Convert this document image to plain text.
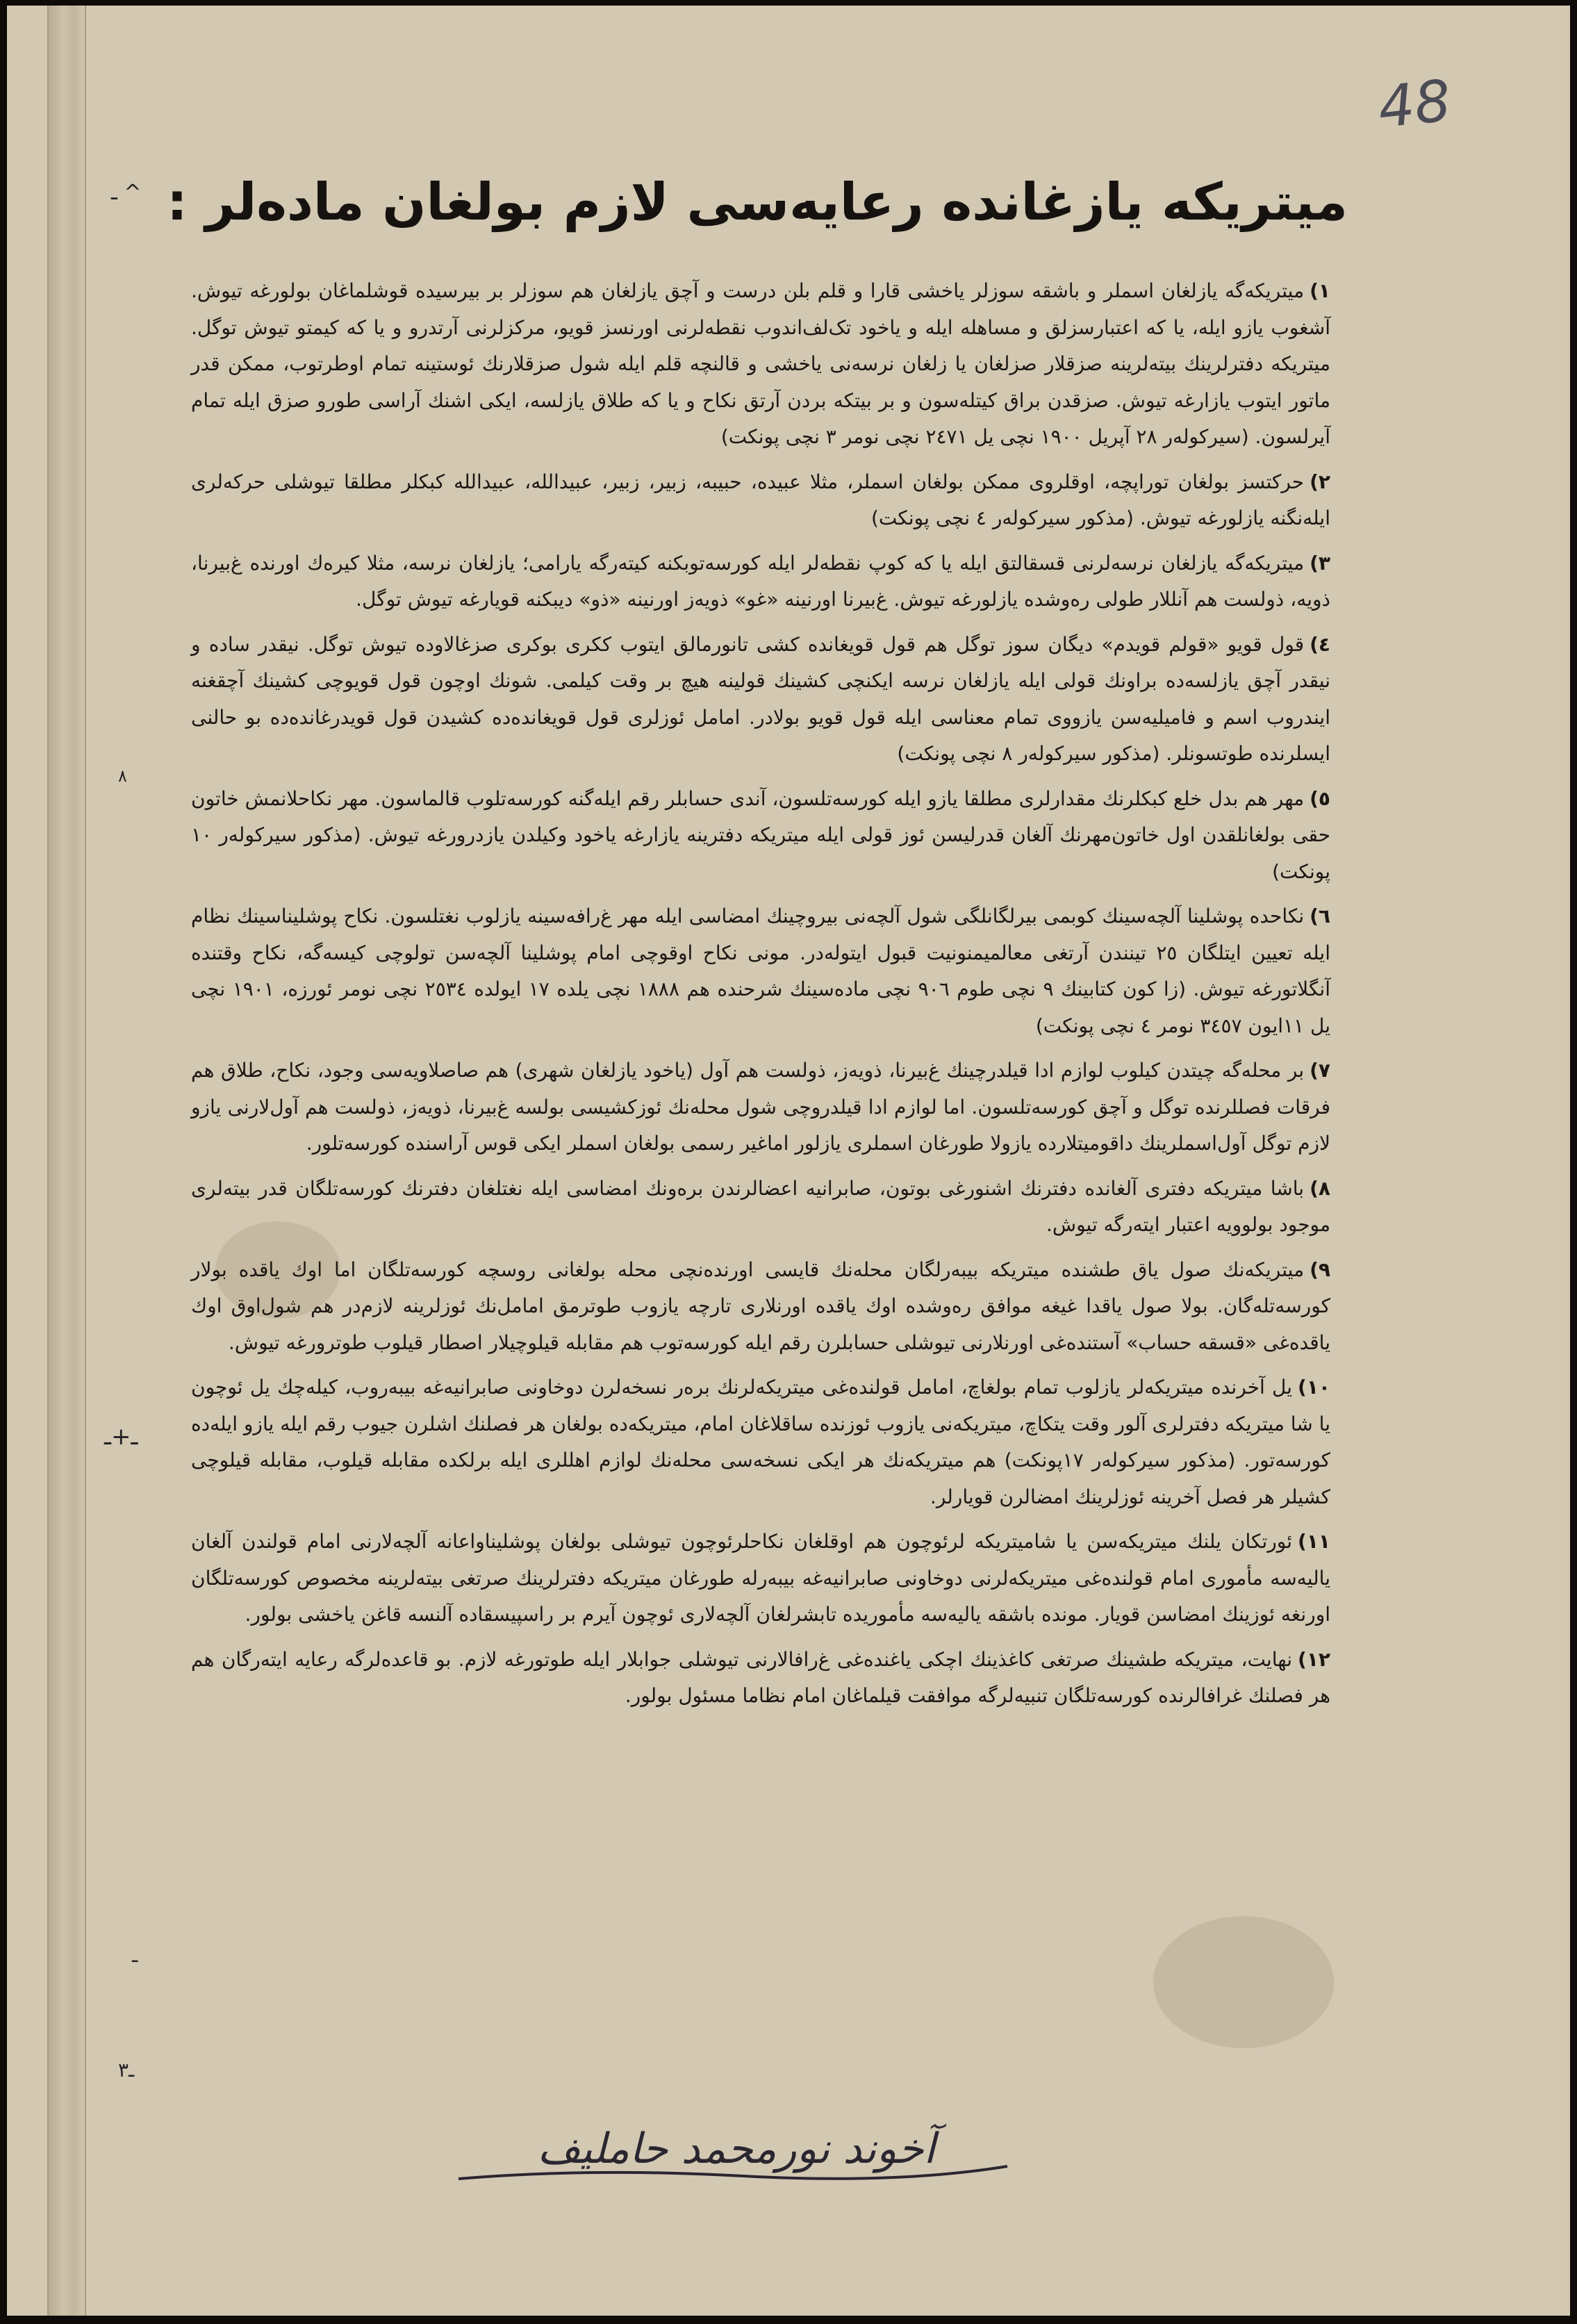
48
ـ ^
٨
ـ+ـ
ـ
ـ٣
میتریکه یازغانده رعایه‌سی لازم بولغان ماده‌لر :

١)میتریکه‌گه یازلغان اسملر و باشقه سوزلر یاخشی قارا و قلم بلن درست و آچق یازلغان هم سوزلر بر بیرسیده قوشلماغان بولورغه تیوش. آشغوب یازو ایله، یا که اعتبارسزلق و مساهله ایله و یاخود تک‌لف‌اندوب نقطه‌لرنی اورنسز قویو، مرکزلرنی آرتدرو و یا که کیمتو تیوش توگل. میتریکه دفترلرینك بیته‌لرینه صزقلار صزلغان یا زلغان نرسه‌نی یاخشی و قالنچه قلم ایله شول صزقلارنك ئوستینه تمام اوطرتوب، ممکن قدر ماتور ایتوب یازارغه تیوش. صزقدن براق کیتله‌سون و بر بیتکه بردن آرتق نکاح و یا که طلاق یازلسه، ایکی اشنك آراسی طورو صزق ایله تمام آیرلسون. (سیرکوله‌ر ٢٨ آپریل ١٩٠٠ نچی یل ٢٤٧١ نچی نومر ٣ نچی پونکت)

٢)حرکتسز بولغان توراپچه، اوقلروی ممکن بولغان اسملر، مثلا عبیده، حبیبه، زبیر، زبیر، عبیدالله، عبیدالله کبکلر مطلقا تیوشلی حرکه‌لری ایله‌نگنه یازلورغه تیوش. (مذکور سیرکوله‌ر ٤ نچی پونکت)

٣)میتریکه‌گه یازلغان نرسه‌لرنی قسقالتق ایله یا که کوپ نقطه‌لر ایله کورسه‌توبکنه کیته‌رگه یارامی؛ یازلغان نرسه، مثلا کیره‌ك اورنده غ‌بیرنا، ذویه‌، ذولست هم آنللار طولی ره‌وشده یازلورغه تیوش. غ‌بیرنا اورنینه «غو» ذویه‌ز اورنینه «ذو» دیبکنه قویارغه تیوش توگل.

٤)قول قویو «قولم قویدم» دیگان سوز توگل هم قول قویغانده کشی تانورمالق ایتوب ککری بوکری صزغالاوده تیوش توگل. نیقدر ساده و نیقدر آچق یازلسه‌ده براونك قولی ایله یازلغان نرسه ایکنچی کشینك قولینه هیچ بر وقت کیلمی. شونك اوچون قول قویوچی کشینك آچقغنه ایندروب اسم و فامیلیه‌سن یازووی تمام معناسی ایله قول قویو بولادر. امامل ئوزلری قول قویغانده‌ده کشیدن قول قویدرغانده‌ده بو حالنی ایسلرنده طوتسونلر. (مذکور سیرکوله‌ر ٨ نچی پونکت)

٥)مهر هم بدل خلع کبکلرنك مقدارلری مطلقا یازو ایله کورسه‌تلسون، آندی حسابلر رقم ایله‌گنه کورسه‌تلوب قالماسون. مهر نکاحلانمش خاتون حقی بولغانلقدن اول خاتون‌مهرنك آلغان قدرلیسن ئوز قولی ایله میتریکه دفترینه یازارغه یاخود وکیلدن یازدرورغه تیوش. (مذکور سیرکوله‌ر ١٠ پونکت)

٦)نکاحده پوشلینا آلچه‌سینك کوبمی بیرلگانلگی شول آلچه‌نی بیروچینك امضاسی ایله مهر غ‌رافه‌سینه یازلوب نغتلسون. نکاح پوشلیناسینك نظام ایله تعیین ایتلگان ٢٥ تینندن آرتغی معالمیمنونیت قبول ایتوله‌در. مونی نکاح اوقوچی امام پوشلینا آلچه‌سن تولوچی کیسه‌گه، نکاح وقتنده آنگلاتورغه تیوش. (زا کون کتابینك ٩ نچی طوم ٩٠٦ نچی ماده‌سینك شرحنده هم ١٨٨٨ نچی یلده ١٧ ایولده ٢٥٣٤ نچی نومر ئورزه، ١٩٠١ نچی یل ١١ایون ٣٤٥٧ نومر ٤ نچی پونکت)

٧)بر محله‌گه چیتدن کیلوب لوازم ادا قیلدرچینك غ‌بیرنا، ذویه‌ز، ذولست هم آول (یاخود یازلغان شهری) هم صاصلاویه‌سی وجود، نکاح، طلاق هم فرقات فصللرنده توگل و آچق کورسه‌تلسون. اما لوازم ادا قیلدروچی شول محله‌نك ئوزکشیسی بولسه غ‌بیرنا، ذویه‌ز، ذولست هم آول‌لارنی یازو لازم توگل آول‌اسملرینك داقومیتلارده یازولا طورغان اسملری یازلور اماغیر رسمی بولغان اسملر ایکی قوس آراسنده کورسه‌تلور.

٨)باشا میتریکه دفتری آلغانده دفترنك اشنورغی بوتون، صابرانیه اعضالرندن بره‌ونك امضاسی ایله نغتلغان دفترنك کورسه‌تلگان قدر بیته‌لری موجود بولوویه اعتبار ایته‌رگه تیوش.

٩)میتریکه‌نك صول یاق طشنده میتریکه بیبه‌رلگان محله‌نك قایسی اورنده‌نچی محله بولغانی روسچه کورسه‌تلگان اما اوك یاقده بولار کورسه‌تله‌گان. بولا صول یاقدا غیغه موافق ره‌وشده اوك یاقده اورنلاری تارچه یازوب طوترمق امامل‌نك ئوزلرینه لازم‌در هم شول‌اوق اوك یاقده‌غی «قسقه حساب» آستنده‌غی اورنلارنی تیوشلی حسابلرن رقم ایله کورسه‌توب هم مقابله قیلوچیلار اصطار قیلوب طوترورغه تیوش.

١٠)یل آخرنده میتریکه‌لر یازلوب تمام بولغاچ، امامل قولنده‌غی میتریکه‌لرنك بره‌ر نسخه‌لرن دوخاونی صابرانیه‌غه بیبه‌روب، کیله‌چك یل ئوچون یا شا میتریکه دفترلری آلور وقت یتکاچ، میتریکه‌نی یازوب ئوزنده ساقلاغان امام، میتریکه‌ده بولغان هر فصلنك اشلرن جیوب رقم ایله یازو ایله‌ده کورسه‌تور. (مذکور سیرکوله‌ر ١٧پونکت) هم میتریکه‌نك هر ایکی نسخه‌سی محله‌نك لوازم اهللری ایله برلکده مقابله قیلوب، مقابله قیلوچی کشیلر هر فصل آخرینه ئوزلرینك امضالرن قویارلر.

١١)ئورتکان یلنك میتریکه‌سن یا شامیتریکه لرئوچون هم اوقلغان نکاحلرئوچون تیوشلی بولغان پوشلیناواعانه آلچه‌لارنی امام قولندن آلغان یالیه‌سه مأموری امام قولنده‌غی میتریکه‌لرنی دوخاونی صابرانیه‌غه بیبه‌رله طورغان میتریکه دفترلرینك صرتغی بیته‌لرینه مخصوص کورسه‌تلگان اورنغه ئوزینك امضاسن قویار. مونده باشقه یالیه‌سه مأموریده تابشرلغان آلچه‌لاری ئوچون آیرم بر راسپیسقاده آلنسه قاغن یاخشی بولور.

١٢)نهایت، میتریکه طشینك صرتغی کاغذینك اچکی یاغنده‌غی غ‌رافالارنی تیوشلی جوابلار ایله طوتورغه لازم. بو قاعده‌لرگه رعایه ایته‌رگان هم هر فصلنك غرافالرنده کورسه‌تلگان تنبیه‌لرگه موافقت قیلماغان امام نظاما مسئول بولور.

آخوند نورمحمد حاملیف
